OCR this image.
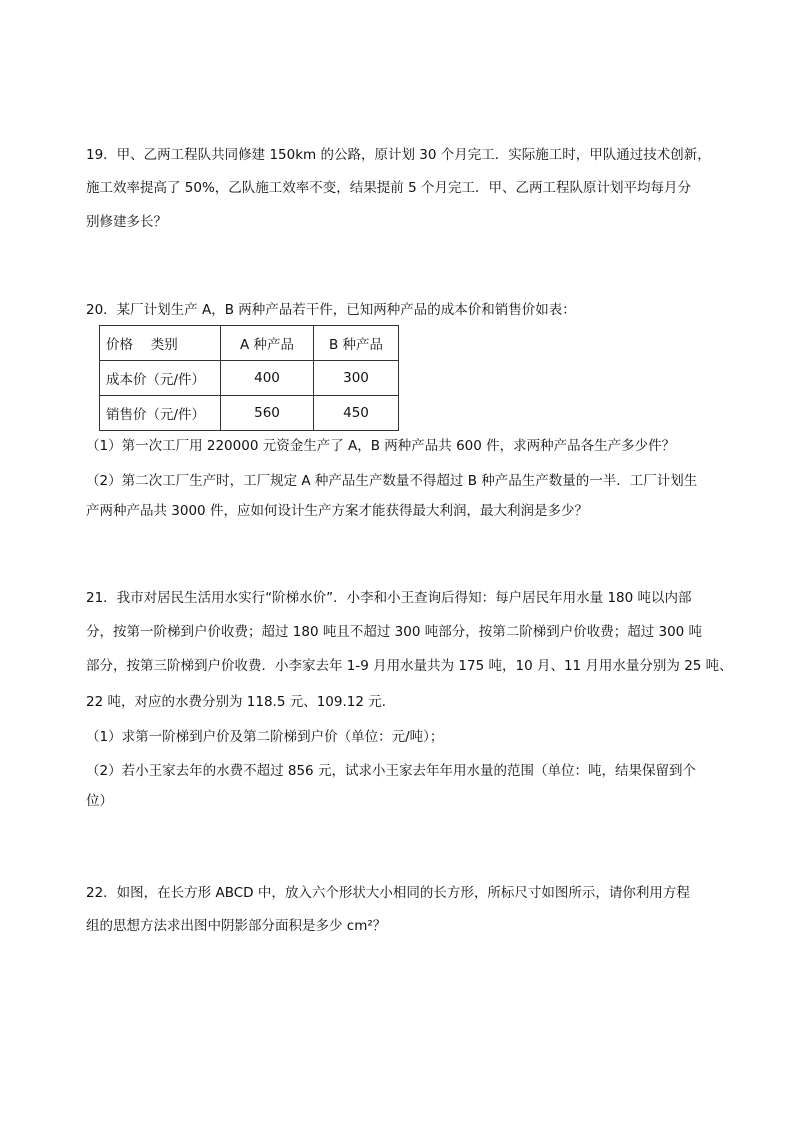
19．甲、乙两工程队共同修建 150km 的公路，原计划 30 个月完工．实际施工时，甲队通过技术创新，
施工效率提高了 50%，乙队施工效率不变，结果提前 5 个月完工．甲、乙两工程队原计划平均每月分
别修建多长？
20．某厂计划生产 A，B 两种产品若干件，已知两种产品的成本价和销售价如表：
价格　 类别	A 种产品	B 种产品
成本价（元/件）	400	300
销售价（元/件）	560	450
（1）第一次工厂用 220000 元资金生产了 A，B 两种产品共 600 件，求两种产品各生产多少件？
（2）第二次工厂生产时，工厂规定 A 种产品生产数量不得超过 B 种产品生产数量的一半．工厂计划生
产两种产品共 3000 件，应如何设计生产方案才能获得最大利润，最大利润是多少？
21．我市对居民生活用水实行“阶梯水价”．小李和小王查询后得知：每户居民年用水量 180 吨以内部
分，按第一阶梯到户价收费；超过 180 吨且不超过 300 吨部分，按第二阶梯到户价收费；超过 300 吨
部分，按第三阶梯到户价收费．小李家去年 1-9 月用水量共为 175 吨，10 月、11 月用水量分别为 25 吨、
22 吨，对应的水费分别为 118.5 元、109.12 元．
（1）求第一阶梯到户价及第二阶梯到户价（单位：元/吨）；
（2）若小王家去年的水费不超过 856 元，试求小王家去年年用水量的范围（单位：吨，结果保留到个
位）
22．如图，在长方形 ABCD 中，放入六个形状大小相同的长方形，所标尺寸如图所示，请你利用方程
组的思想方法求出图中阴影部分面积是多少 cm²？
